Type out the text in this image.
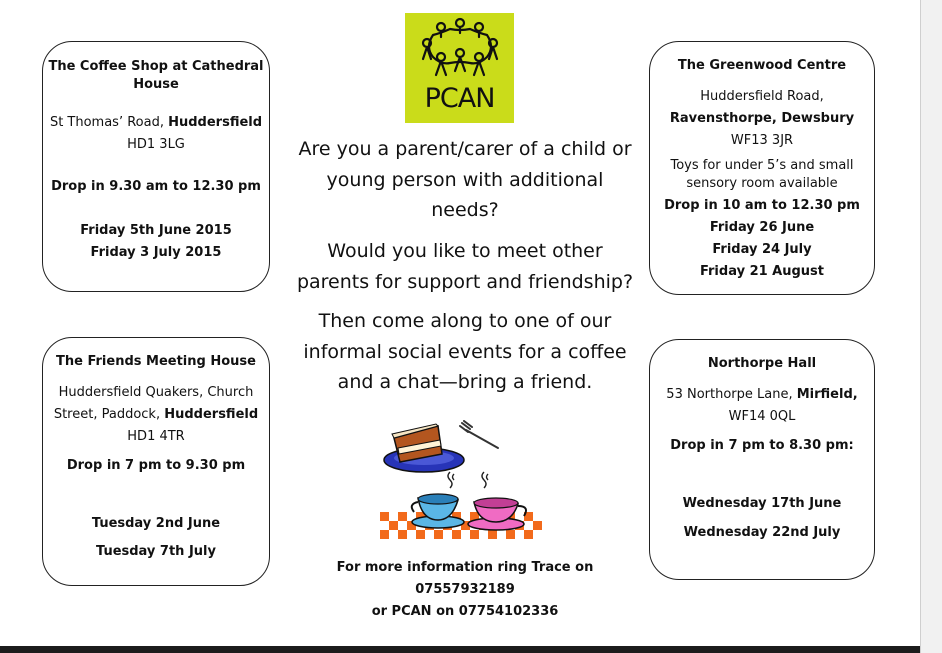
The Coffee Shop at Cathedral House

St Thomas’ Road, Huddersfield

HD1 3LG

Drop in 9.30 am to 12.30 pm

Friday 5th June 2015

Friday 3 July 2015

The Greenwood Centre

Huddersfield Road,

Ravensthorpe, Dewsbury

WF13 3JR

Toys for under 5’s and small sensory room available

Drop in 10 am to 12.30 pm

Friday 26 June

Friday 24 July

Friday 21 August

The Friends Meeting House

Huddersfield Quakers, Church

Street, Paddock, Huddersfield

HD1 4TR

Drop in 7 pm to 9.30 pm

Tuesday 2nd June

Tuesday 7th July

Northorpe Hall

53 Northorpe Lane, Mirfield,

WF14 0QL

Drop in 7 pm to 8.30 pm:

Wednesday 17th June

Wednesday 22nd July

PCAN
Are you a parent/carer of a child or
young person with additional
needs?
Would you like to meet other
parents for support and friendship?
Then come along to one of our
informal social events for a coffee
and a chat—bring a friend.
For more information ring Trace on 07557932189
or PCAN on 07754102336
